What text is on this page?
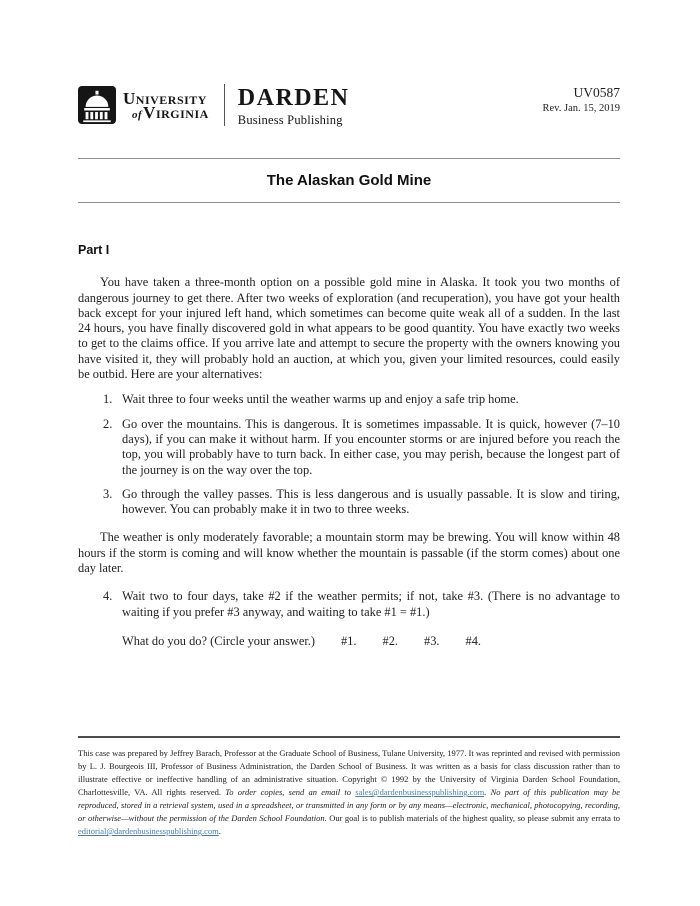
University
ofVirginia
DARDEN
Business Publishing
UV0587
Rev. Jan. 15, 2019
The Alaskan Gold Mine
Part I

You have taken a three-month option on a possible gold mine in Alaska. It took you two months of dangerous journey to get there. After two weeks of exploration (and recuperation), you have got your health back except for your injured left hand, which sometimes can become quite weak all of a sudden. In the last 24 hours, you have finally discovered gold in what appears to be good quantity. You have exactly two weeks to get to the claims office. If you arrive late and attempt to secure the property with the owners knowing you have visited it, they will probably hold an auction, at which you, given your limited resources, could easily be outbid. Here are your alternatives:

1. Wait three to four weeks until the weather warms up and enjoy a safe trip home.
2. Go over the mountains. This is dangerous. It is sometimes impassable. It is quick, however (7–10 days), if you can make it without harm. If you encounter storms or are injured before you reach the top, you will probably have to turn back. In either case, you may perish, because the longest part of the journey is on the way over the top.
3. Go through the valley passes. This is less dangerous and is usually passable. It is slow and tiring, however. You can probably make it in two to three weeks.

The weather is only moderately favorable; a mountain storm may be brewing. You will know within 48 hours if the storm is coming and will know whether the mountain is passable (if the storm comes) about one day later.

4. Wait two to four days, take #2 if the weather permits; if not, take #3. (There is no advantage to waiting if you prefer #3 anyway, and waiting to take #1 = #1.)
What do you do? (Circle your answer.) #1. #2. #3. #4.
This case was prepared by Jeffrey Barach, Professor at the Graduate School of Business, Tulane University, 1977. It was reprinted and revised with permission by L. J. Bourgeois III, Professor of Business Administration, the Darden School of Business. It was written as a basis for class discussion rather than to illustrate effective or ineffective handling of an administrative situation. Copyright © 1992 by the University of Virginia Darden School Foundation, Charlottesville, VA. All rights reserved. To order copies, send an email to sales@dardenbusinesspublishing.com. No part of this publication may be reproduced, stored in a retrieval system, used in a spreadsheet, or transmitted in any form or by any means—electronic, mechanical, photocopying, recording, or otherwise—without the permission of the Darden School Foundation. Our goal is to publish materials of the highest quality, so please submit any errata to editorial@dardenbusinesspublishing.com.
